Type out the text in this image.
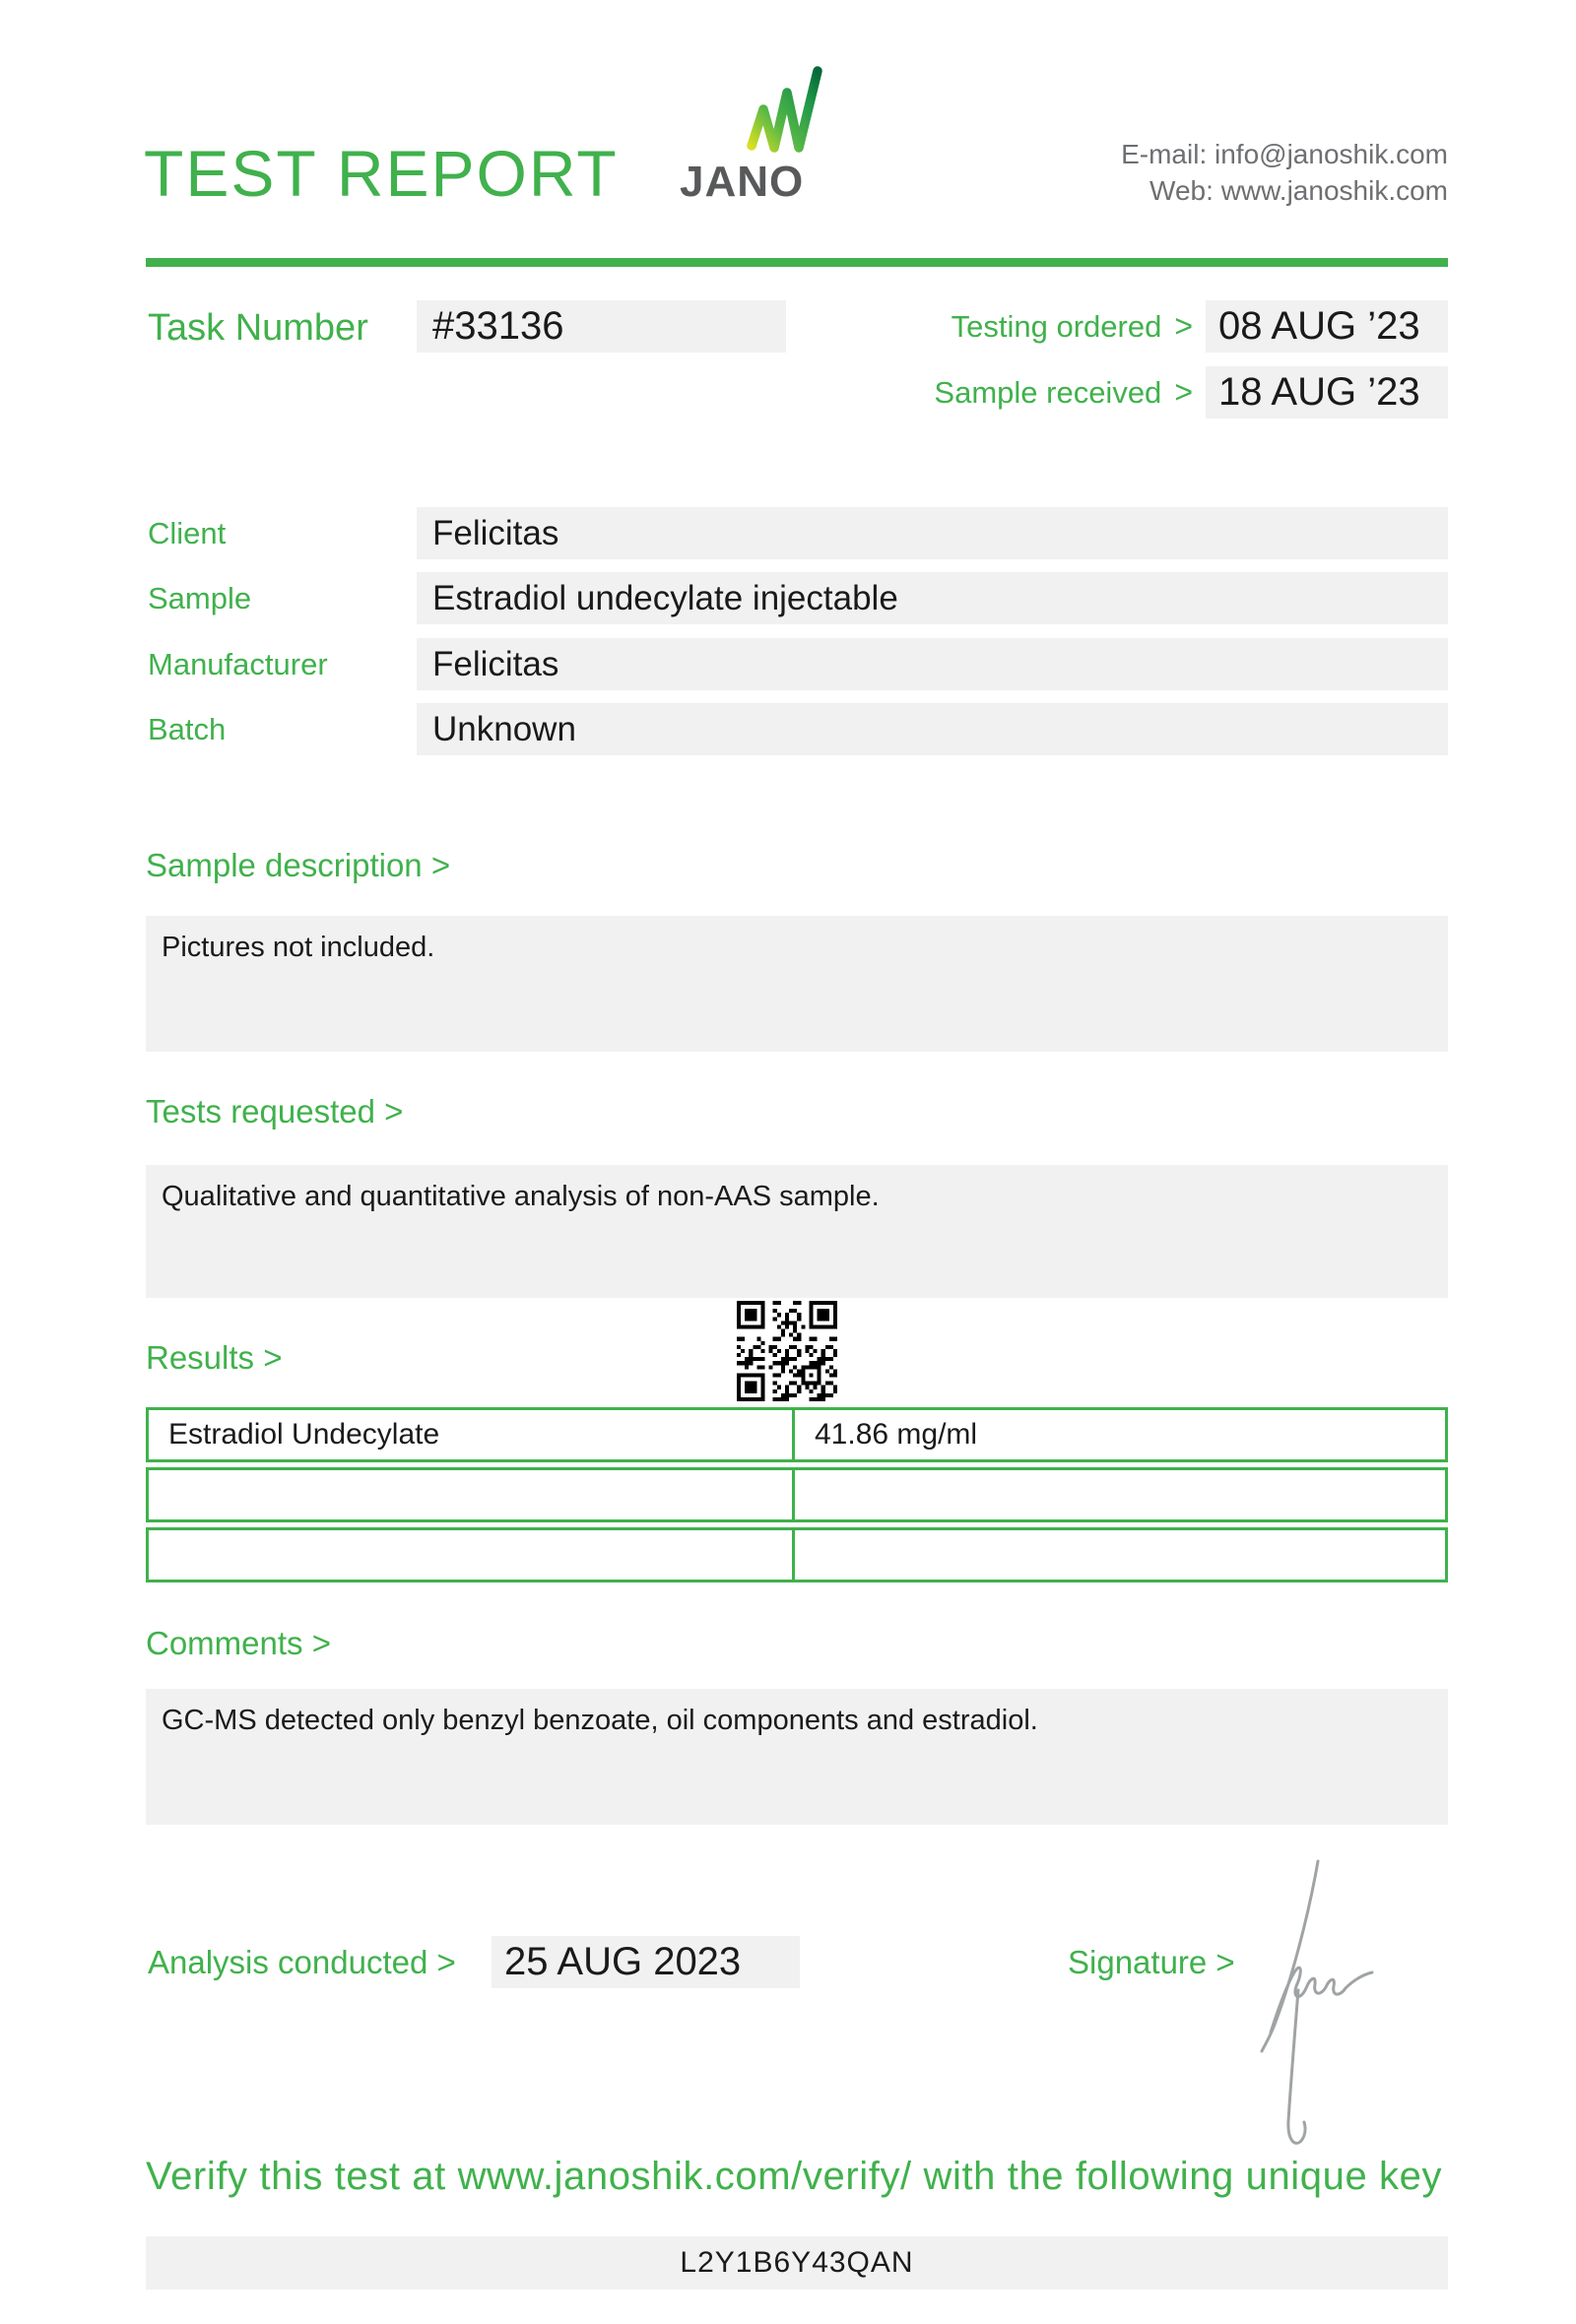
TEST REPORT JANOSHIK
E-mail: info@janoshik.com
Web: www.janoshik.com
Task Number #33136	Testing ordered > 08 AUG ’23
Sample received > 18 AUG ’23
Client	Felicitas
Sample	Estradiol undecylate injectable
Manufacturer	Felicitas
Batch	Unknown
Sample description >
Pictures not included.
Tests requested >
Qualitative and quantitative analysis of non-AAS sample.
Results >
Estradiol Undecylate	41.86 mg/ml
Comments >
GC-MS detected only benzyl benzoate, oil components and estradiol.
Analysis conducted > 25 AUG 2023	Signature >
Verify this test at www.janoshik.com/verify/ with the following unique key
L2Y1B6Y43QAN
